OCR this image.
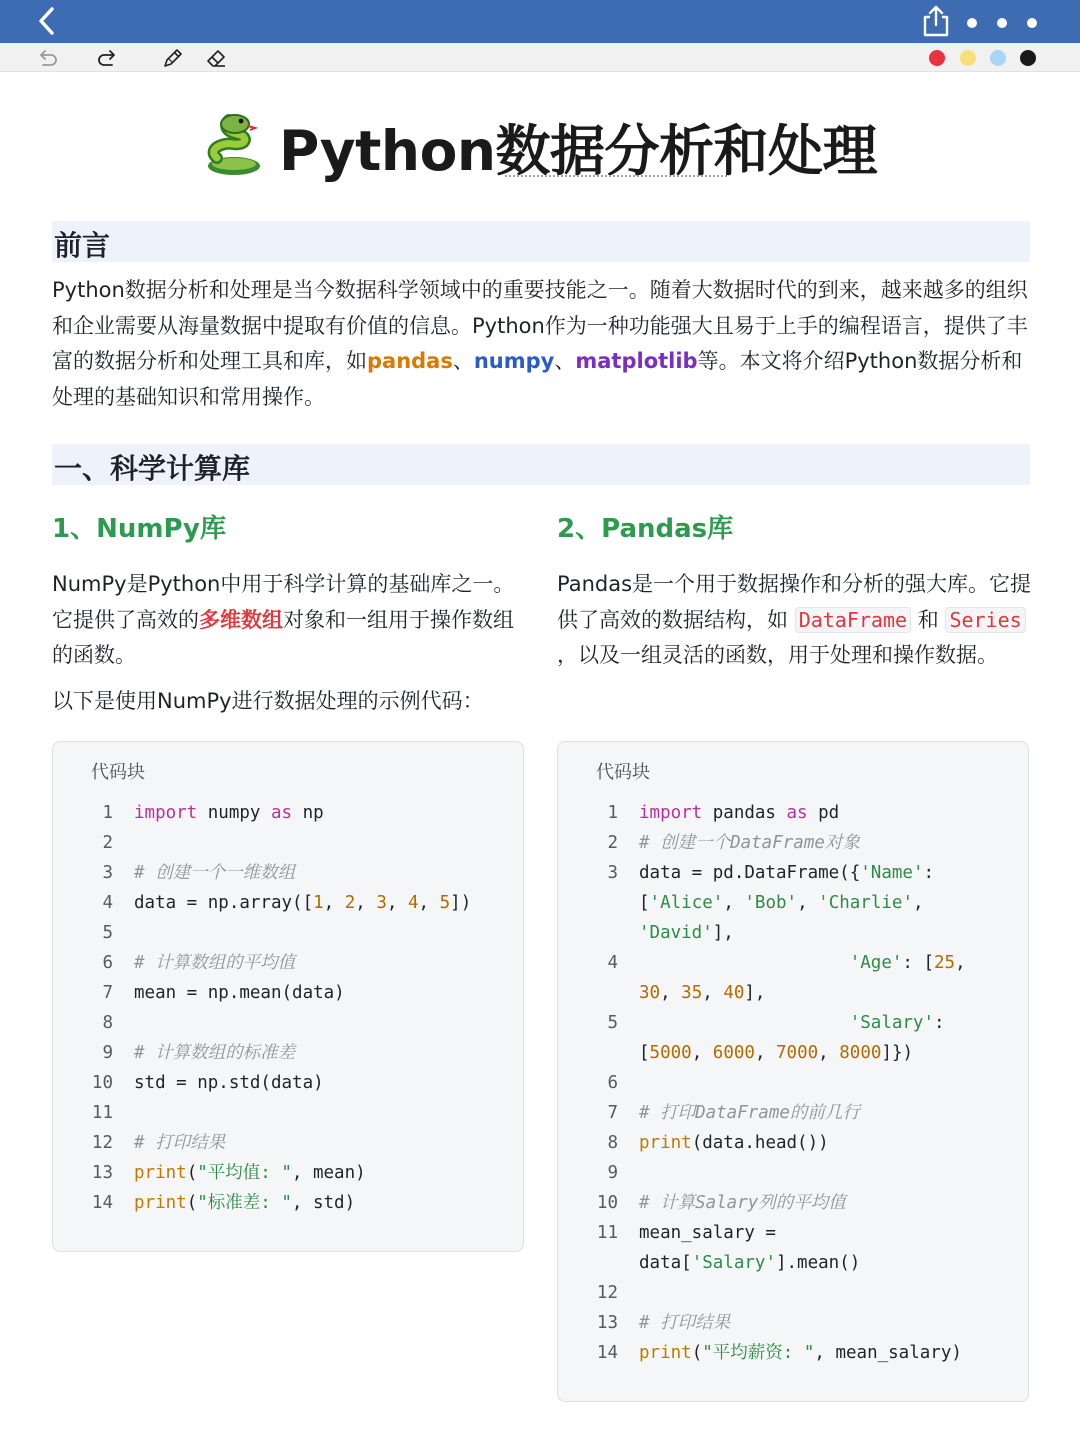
Python数据分析和处理
前言
Python数据分析和处理是当今数据科学领域中的重要技能之一。随着大数据时代的到来，越来越多的组织和企业需要从海量数据中提取有价值的信息。Python作为一种功能强大且易于上手的编程语言，提供了丰富的数据分析和处理工具和库，如pandas、numpy、matplotlib等。本文将介绍Python数据分析和处理的基础知识和常用操作。
一、科学计算库
1、NumPy库
NumPy是Python中用于科学计算的基础库之一。它提供了高效的多维数组对象和一组用于操作数组的函数。
以下是使用NumPy进行数据处理的示例代码：
代码块
1	import numpy as np
2
3	# 创建一个一维数组
4	data = np.array([1, 2, 3, 4, 5])
5
6	# 计算数组的平均值
7	mean = np.mean(data)
8
9	# 计算数组的标准差
10	std = np.std(data)
11
12	# 打印结果
13	print("平均值: ", mean)
14	print("标准差: ", std)
2、Pandas库
Pandas是一个用于数据操作和分析的强大库。它提供了高效的数据结构，如 DataFrame 和 Series ，以及一组灵活的函数，用于处理和操作数据。
代码块
1	import pandas as pd
2	# 创建一个DataFrame对象
3	data = pd.DataFrame({'Name':
['Alice', 'Bob', 'Charlie',
'David'],
4	'Age': [25,
30, 35, 40],
5	'Salary':
[5000, 6000, 7000, 8000]})
6
7	# 打印DataFrame的前几行
8	print(data.head())
9
10	# 计算Salary列的平均值
11	mean_salary =
data['Salary'].mean()
12
13	# 打印结果
14	print("平均薪资: ", mean_salary)
